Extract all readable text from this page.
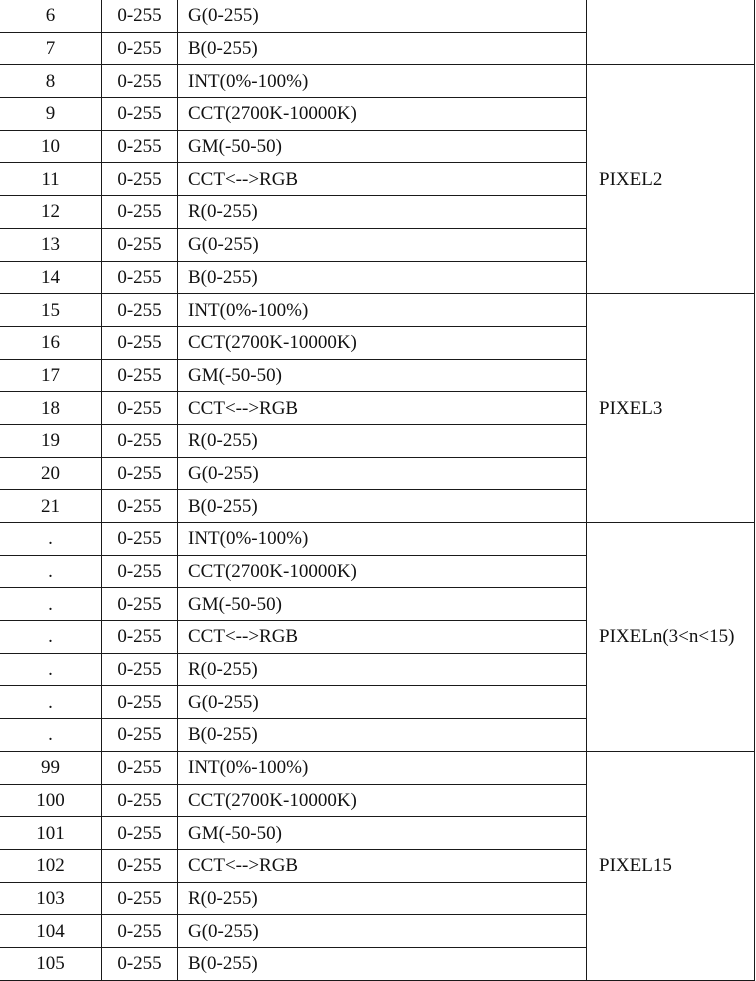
6	0-255	G(0-255)	
7	0-255	B(0-255)	
8	0-255	INT(0%-100%)	PIXEL2
9	0-255	CCT(2700K-10000K)	
10	0-255	GM(-50-50)	
11	0-255	CCT<-->RGB	
12	0-255	R(0-255)	
13	0-255	G(0-255)	
14	0-255	B(0-255)	
15	0-255	INT(0%-100%)	PIXEL3
16	0-255	CCT(2700K-10000K)	
17	0-255	GM(-50-50)	
18	0-255	CCT<-->RGB	
19	0-255	R(0-255)	
20	0-255	G(0-255)	
21	0-255	B(0-255)	
.	0-255	INT(0%-100%)	PIXELn(3<n<15)
.	0-255	CCT(2700K-10000K)	
.	0-255	GM(-50-50)	
.	0-255	CCT<-->RGB	
.	0-255	R(0-255)	
.	0-255	G(0-255)	
.	0-255	B(0-255)	
99	0-255	INT(0%-100%)	PIXEL15
100	0-255	CCT(2700K-10000K)	
101	0-255	GM(-50-50)	
102	0-255	CCT<-->RGB	
103	0-255	R(0-255)	
104	0-255	G(0-255)	
105	0-255	B(0-255)	
